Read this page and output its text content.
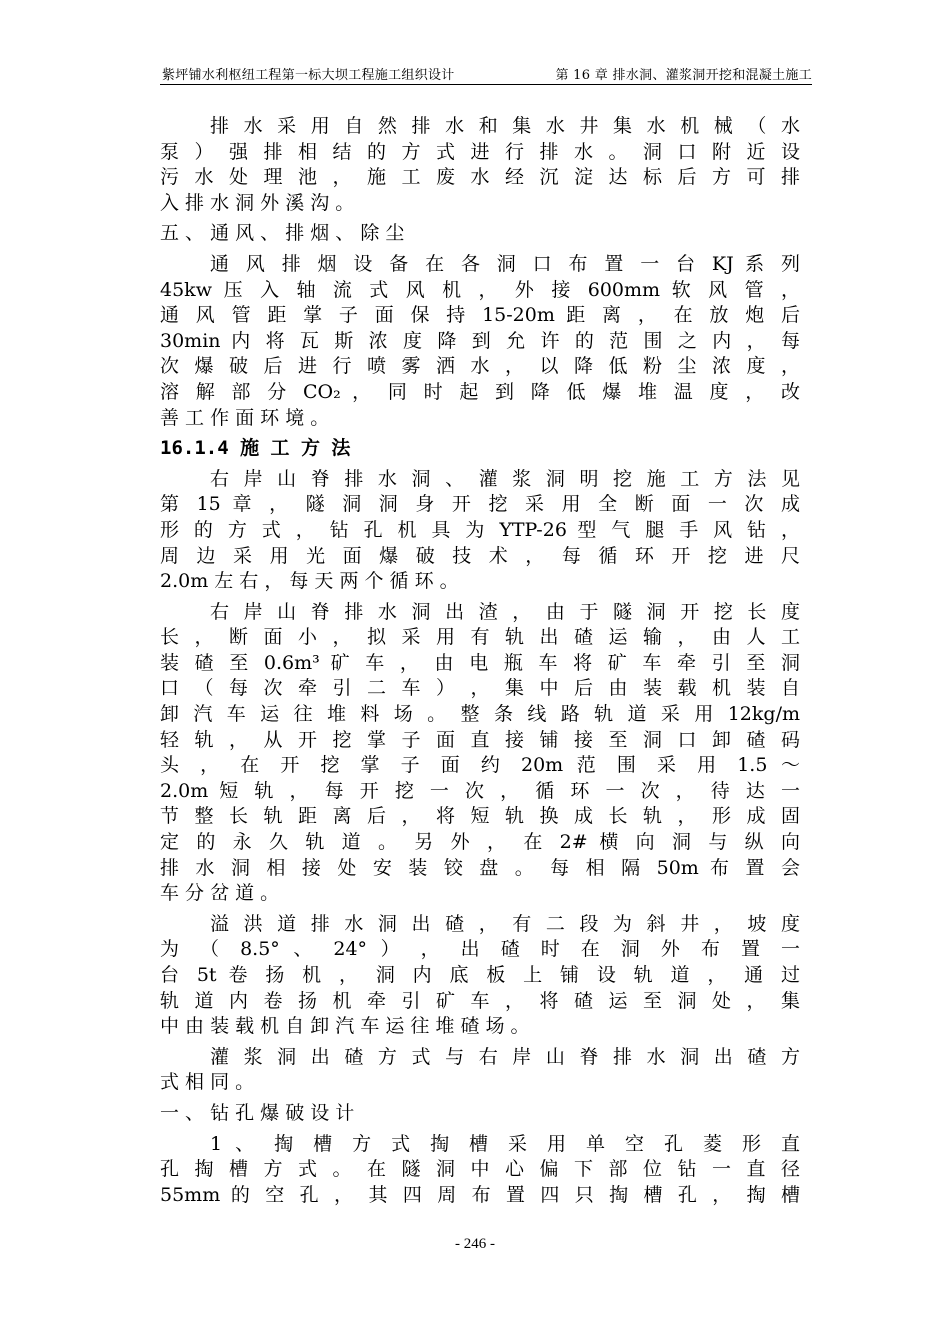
紫坪铺水利枢纽工程第一标大坝工程施工组织设计	第 16 章 排水洞、灌浆洞开挖和混凝土施工
排 水 采 用 自 然 排 水 和 集 水 井 集 水 机 械 （ 水
泵 ） 强 排 相 结 的 方 式 进 行 排 水 。 洞 口 附 近 设
污 水 处 理 池 ， 施 工 废 水 经 沉 淀 达 标 后 方 可 排
入 排 水 洞 外 溪 沟 。
五 、 通 风 、 排 烟 、 除 尘
通 风 排 烟 设 备 在 各 洞 口 布 置 一 台 KJ 系 列
45kw 压 入 轴 流 式 风 机 ， 外 接 600mm 软 风 管 ，
通 风 管 距 掌 子 面 保 持 15-20m 距 离 ， 在 放 炮 后
30min 内 将 瓦 斯 浓 度 降 到 允 许 的 范 围 之 内 ， 每
次 爆 破 后 进 行 喷 雾 洒 水 ， 以 降 低 粉 尘 浓 度 ，
溶 解 部 分 CO₂ ， 同 时 起 到 降 低 爆 堆 温 度 ， 改
善 工 作 面 环 境 。
16.1.4 施 工 方 法
右 岸 山 脊 排 水 洞 、 灌 浆 洞 明 挖 施 工 方 法 见
第 15 章 ， 隧 洞 洞 身 开 挖 采 用 全 断 面 一 次 成
形 的 方 式 ， 钻 孔 机 具 为 YTP-26 型 气 腿 手 风 钻 ，
周 边 采 用 光 面 爆 破 技 术 ， 每 循 环 开 挖 进 尺
2.0m 左 右 ， 每 天 两 个 循 环 。
右 岸 山 脊 排 水 洞 出 渣 ， 由 于 隧 洞 开 挖 长 度
长 ， 断 面 小 ， 拟 采 用 有 轨 出 碴 运 输 ， 由 人 工
装 碴 至 0.6m³ 矿 车 ， 由 电 瓶 车 将 矿 车 牵 引 至 洞
口 （ 每 次 牵 引 二 车 ） ， 集 中 后 由 装 载 机 装 自
卸 汽 车 运 往 堆 料 场 。 整 条 线 路 轨 道 采 用 12kg/m
轻 轨 ， 从 开 挖 掌 子 面 直 接 铺 接 至 洞 口 卸 碴 码
头 ， 在 开 挖 掌 子 面 约 20m 范 围 采 用 1.5 ～
2.0m 短 轨 ， 每 开 挖 一 次 ， 循 环 一 次 ， 待 达 一
节 整 长 轨 距 离 后 ， 将 短 轨 换 成 长 轨 ， 形 成 固
定 的 永 久 轨 道 。 另 外 ， 在 2# 横 向 洞 与 纵 向
排 水 洞 相 接 处 安 装 铰 盘 。 每 相 隔 50m 布 置 会
车 分 岔 道 。
溢 洪 道 排 水 洞 出 碴 ， 有 二 段 为 斜 井 ， 坡 度
为 （ 8.5° 、 24° ） ， 出 碴 时 在 洞 外 布 置 一
台 5t 卷 扬 机 ， 洞 内 底 板 上 铺 设 轨 道 ， 通 过
轨 道 内 卷 扬 机 牵 引 矿 车 ， 将 碴 运 至 洞 处 ， 集
中 由 装 载 机 自 卸 汽 车 运 往 堆 碴 场 。
灌 浆 洞 出 碴 方 式 与 右 岸 山 脊 排 水 洞 出 碴 方
式 相 同 。
一 、 钻 孔 爆 破 设 计
1 、 掏 槽 方 式 掏 槽 采 用 单 空 孔 菱 形 直
孔 掏 槽 方 式 。 在 隧 洞 中 心 偏 下 部 位 钻 一 直 径
55mm 的 空 孔 ， 其 四 周 布 置 四 只 掏 槽 孔 ， 掏 槽
- 246 -
